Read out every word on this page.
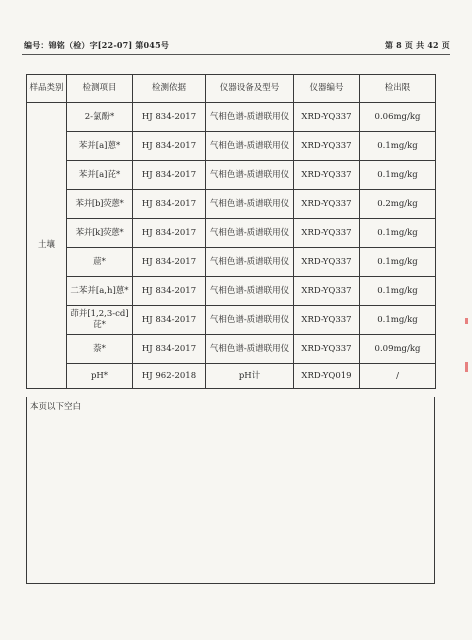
编号：锦铭（检）字[22-07] 第045号	第 8 页 共 42 页
样品类别	检测项目	检测依据	仪器设备及型号	仪器编号	检出限
土壤	2-氯酚*	HJ 834-2017	气相色谱-质谱联用仪	XRD-YQ337	0.06mg/kg
	苯并[a]蒽*	HJ 834-2017	气相色谱-质谱联用仪	XRD-YQ337	0.1mg/kg
	苯并[a]芘*	HJ 834-2017	气相色谱-质谱联用仪	XRD-YQ337	0.1mg/kg
	苯并[b]荧蒽*	HJ 834-2017	气相色谱-质谱联用仪	XRD-YQ337	0.2mg/kg
	苯并[k]荧蒽*	HJ 834-2017	气相色谱-质谱联用仪	XRD-YQ337	0.1mg/kg
	䓛*	HJ 834-2017	气相色谱-质谱联用仪	XRD-YQ337	0.1mg/kg
	二苯并[a,h]蒽*	HJ 834-2017	气相色谱-质谱联用仪	XRD-YQ337	0.1mg/kg
	茚并[1,2,3-cd]芘*	HJ 834-2017	气相色谱-质谱联用仪	XRD-YQ337	0.1mg/kg
	萘*	HJ 834-2017	气相色谱-质谱联用仪	XRD-YQ337	0.09mg/kg
	pH*	HJ 962-2018	pH计	XRD-YQ019	/
本页以下空白
